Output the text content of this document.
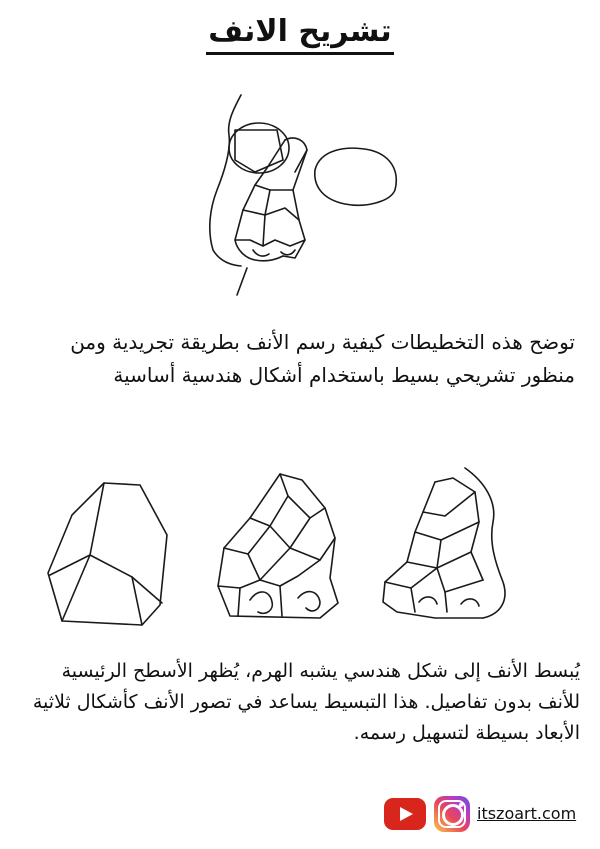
تشريح الانف
توضح هذه التخطيطات كيفية رسم الأنف بطريقة تجريدية ومن منظور تشريحي بسيط باستخدام أشكال هندسية أساسية
يُبسط الأنف إلى شكل هندسي يشبه الهرم، يُظهر الأسطح الرئيسية للأنف بدون تفاصيل. هذا التبسيط يساعد في تصور الأنف كأشكال ثلاثية الأبعاد بسيطة لتسهيل رسمه.
itszoart.com
